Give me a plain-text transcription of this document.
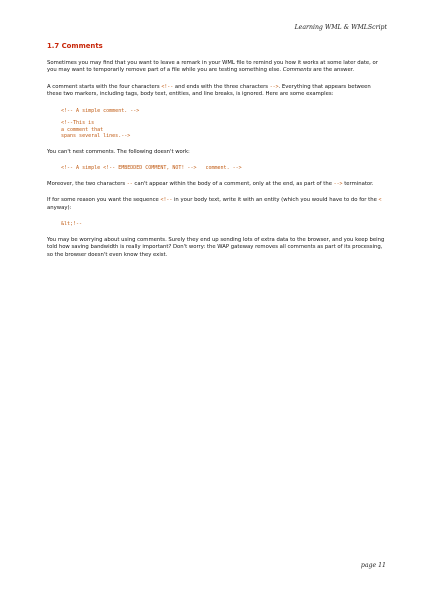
Learning WML & WMLScript
1.7 Comments

Sometimes you may find that you want to leave a remark in your WML file to remind you how it works at some later date, or you may want to temporarily remove part of a file while you are testing something else. Comments are the answer.

A comment starts with the four characters <!-- and ends with the three characters -->. Everything that appears between these two markers, including tags, body text, entities, and line breaks, is ignored. Here are some examples:

<!-- A simple comment. -->
<!--This is
a comment that
spans several lines.-->

You can't nest comments. The following doesn't work:

<!-- A simple <!-- EMBEDDED COMMENT, NOT! -->   comment. -->

Moreover, the two characters -- can't appear within the body of a comment, only at the end, as part of the --> terminator.

If for some reason you want the sequence <!-- in your body text, write it with an entity (which you would have to do for the < anyway):

&lt;!--

You may be worrying about using comments. Surely they end up sending lots of extra data to the browser, and you keep being told how saving bandwidth is really important? Don't worry: the WAP gateway removes all comments as part of its processing, so the browser doesn't even know they exist.

page 11
